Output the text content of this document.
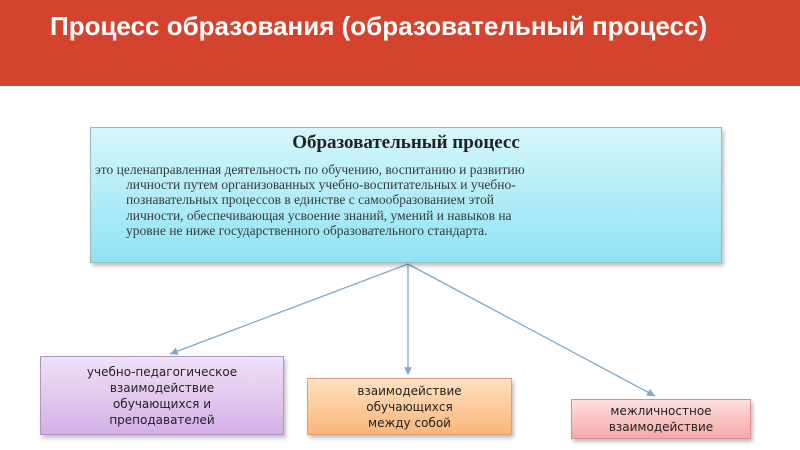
Процесс образования (образовательный процесс)
Образовательный процесс
это целенаправленная деятельность по обучению, воспитанию и развитию
личности путем организованных учебно-воспитательных и учебно-
познавательных процессов в единстве с самообразованием этой
личности, обеспечивающая усвоение знаний, умений и навыков на
уровне не ниже государственного образовательного стандарта.
учебно-педагогическое
взаимодействие
обучающихся и
преподавателей
взаимодействие
обучающихся
между собой
межличностное
взаимодействие
